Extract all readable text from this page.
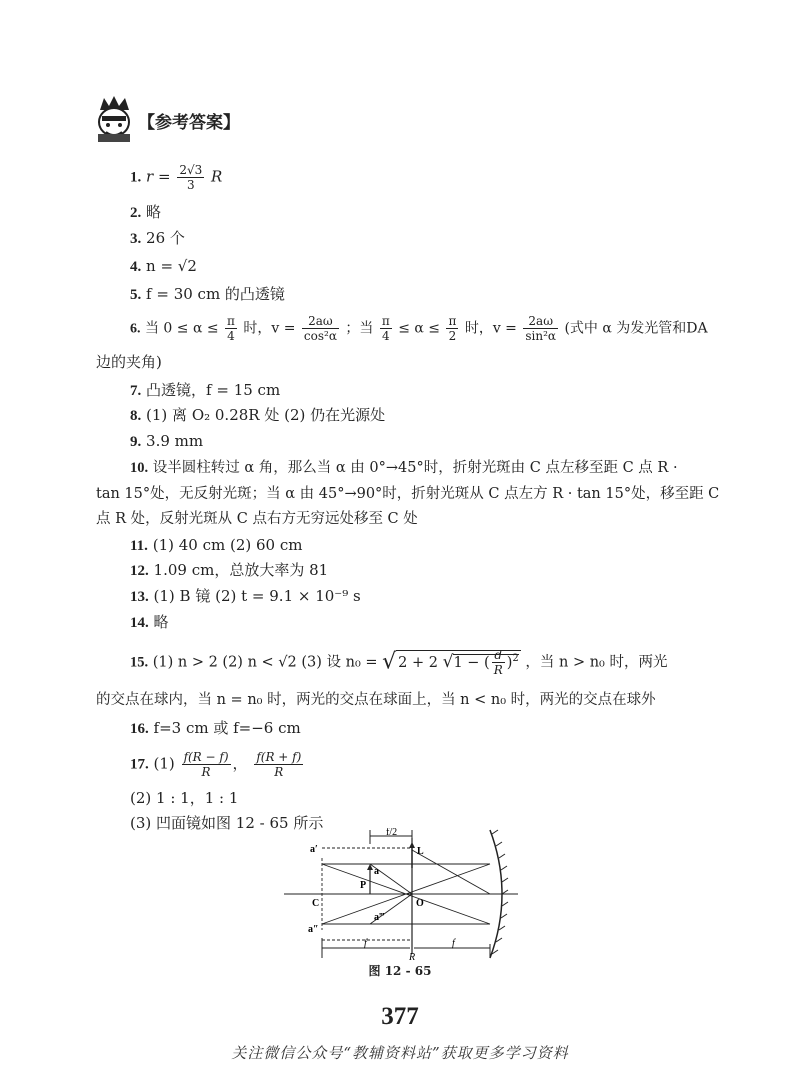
【参考答案】
1. $r = \frac{2√3}{3}$ R
2. 略
3. 26 个
4. n = √2
5. f = 30 cm 的凸透镜
6. 当 $0 \le \alpha \le \frac{\pi}{4}$ 时，$v = \frac{2a\omega}{\text{cos²α}}$ ；当 $\frac{\pi}{4} \le \alpha \le \frac{\pi}{2}$ 时，$v = \frac{2a\omega}{\text{sin²α}}$ (式中 α 为发光管和DA
边的夹角)
7. 凸透镜，f = 15 cm
8. (1) 离 O₂ 0.28R 处 (2) 仍在光源处
9. 3.9 mm
10. 设半圆柱转过 α 角，那么当 α 由 0°→45°时，折射光斑由 C 点左移至距 C 点 R ·
tan 15°处，无反射光斑；当 α 由 45°→90°时，折射光斑从 C 点左方 R · tan 15°处，移至距 C
点 R 处，反射光斑从 C 点右方无穷远处移至 C 处
11. (1) 40 cm (2) 60 cm
12. 1.09 cm，总放大率为 81
13. (1) B 镜 (2) t = 9.1 × 10⁻⁹ s
14. 略
15. (1) n > 2 (2) n < √2 (3) 设 n₀ = √ 2 + 2 √1 − ( $\frac{d}{R} )^2$ ，当 n > n₀ 时，两光
的交点在球内，当 n = n₀ 时，两光的交点在球面上，当 n < n₀ 时，两光的交点在球外
16. f=3 cm 或 f=−6 cm
17. $(1) \frac{f(R - f)}{R}$ ， $\frac{f(R + f)}{R}$
(2) 1 : 1，1 : 1
(3) 凹面镜如图 12 - 65 所示
f/2
f	f
L
a′
a
P
C
a‴
O
a″
R
图 12 - 65
377
关注微信公众号“教辅资料站”获取更多学习资料
